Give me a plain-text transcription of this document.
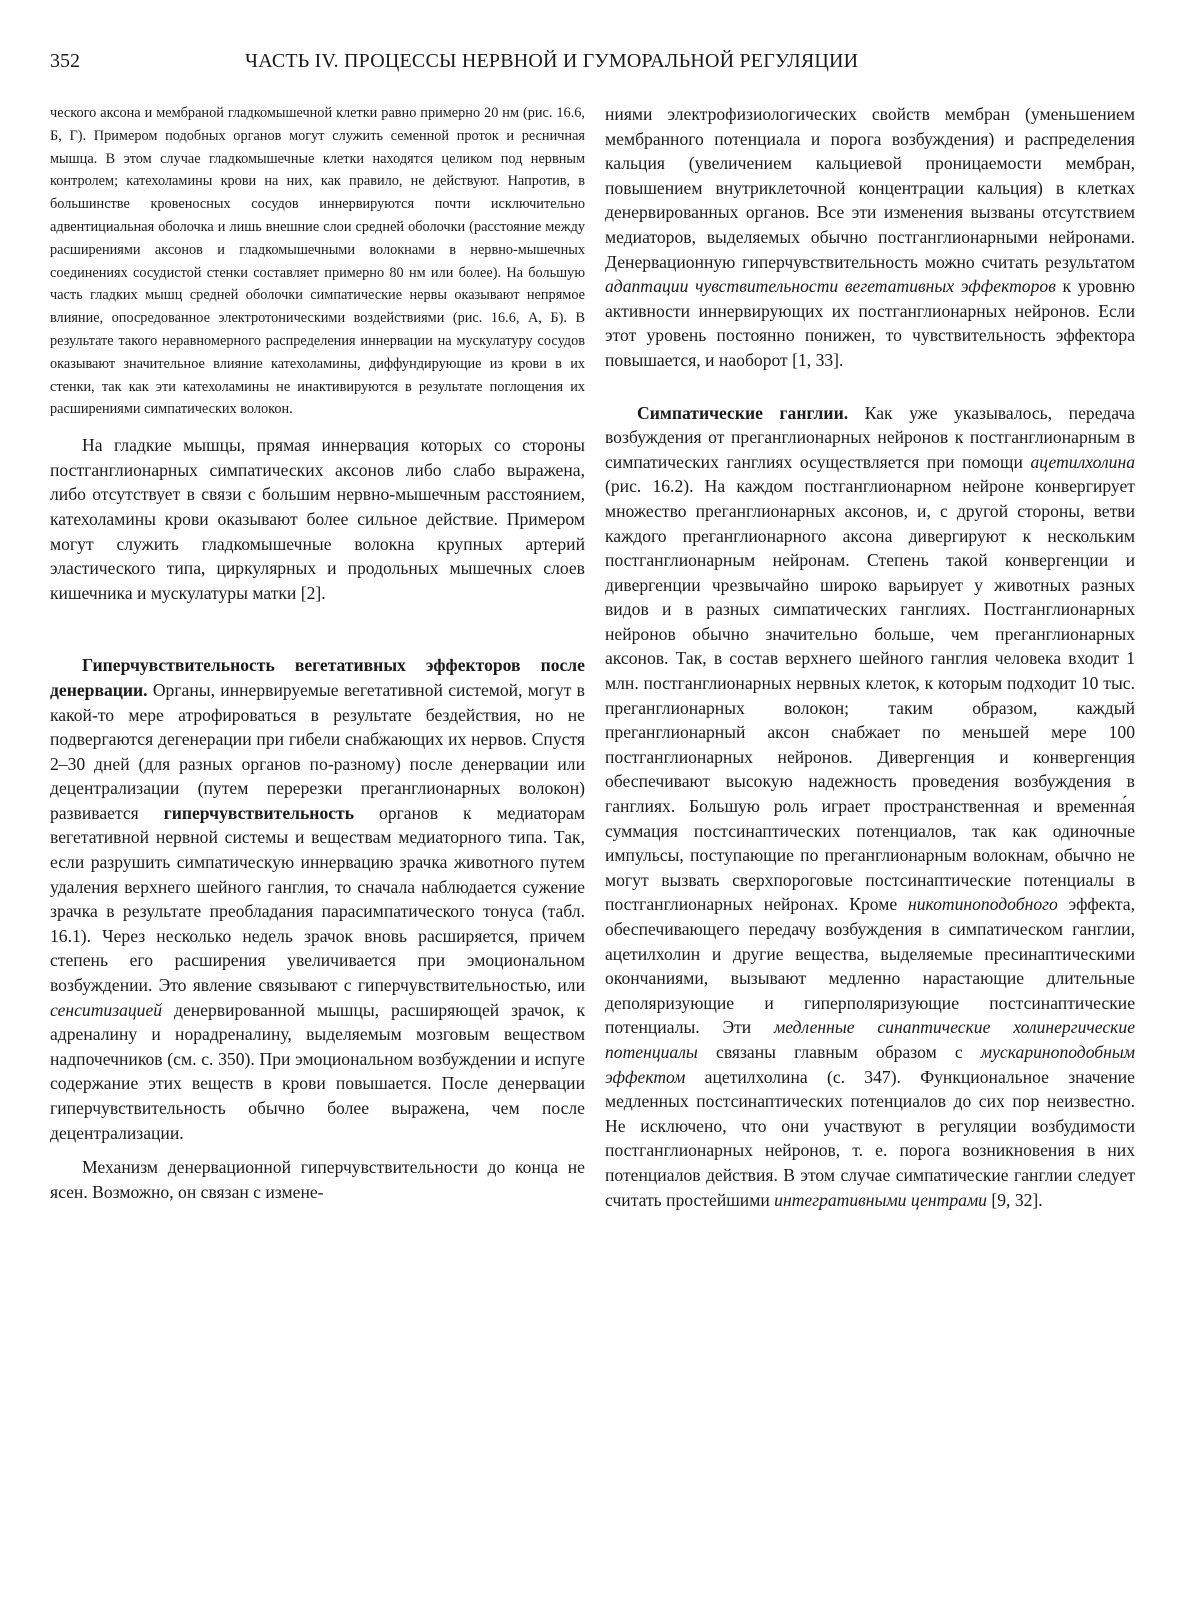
352	ЧАСТЬ IV. ПРОЦЕССЫ НЕРВНОЙ И ГУМОРАЛЬНОЙ РЕГУЛЯЦИИ

ческого аксона и мембраной гладкомышечной клетки равно примерно 20 нм (рис. 16.6, Б, Г). Примером подобных органов могут служить семенной проток и ресничная мышца. В этом случае гладкомышечные клетки находятся целиком под нервным контролем; катехоламины крови на них, как правило, не действуют. Напротив, в большинстве кровеносных сосудов иннервируются почти исключительно адвентициальная оболочка и лишь внешние слои средней оболочки (расстояние между расширениями аксонов и гладкомышечными волокнами в нервно-мышечных соединениях сосудистой стенки составляет примерно 80 нм или более). На большую часть гладких мышц средней оболочки симпатические нервы оказывают непрямое влияние, опосредованное электротоническими воздействиями (рис. 16.6, А, Б). В результате такого неравномерного распределения иннервации на мускулатуру сосудов оказывают значительное влияние катехоламины, диффундирующие из крови в их стенки, так как эти катехоламины не инактивируются в результате поглощения их расширениями симпатических волокон.

На гладкие мышцы, прямая иннервация которых со стороны постганглионарных симпатических аксонов либо слабо выражена, либо отсутствует в связи с большим нервно-мышечным расстоянием, катехоламины крови оказывают более сильное действие. Примером могут служить гладкомышечные волокна крупных артерий эластического типа, циркулярных и продольных мышечных слоев кишечника и мускулатуры матки [2].

Гиперчувствительность вегетативных эффекторов после денервации. Органы, иннервируемые вегетативной системой, могут в какой-то мере атрофироваться в результате бездействия, но не подвергаются дегенерации при гибели снабжающих их нервов. Спустя 2–30 дней (для разных органов по-разному) после денервации или децентрализации (путем перерезки преганглионарных волокон) развивается гиперчувствительность органов к медиаторам вегетативной нервной системы и веществам медиаторного типа. Так, если разрушить симпатическую иннервацию зрачка животного путем удаления верхнего шейного ганглия, то сначала наблюдается сужение зрачка в результате преобладания парасимпатического тонуса (табл. 16.1). Через несколько недель зрачок вновь расширяется, причем степень его расширения увеличивается при эмоциональном возбуждении. Это явление связывают с гиперчувствительностью, или сенситизацией денервированной мышцы, расширяющей зрачок, к адреналину и норадреналину, выделяемым мозговым веществом надпочечников (см. с. 350). При эмоциональном возбуждении и испуге содержание этих веществ в крови повышается. После денервации гиперчувствительность обычно более выражена, чем после децентрализации.

Механизм денервационной гиперчувствительности до конца не ясен. Возможно, он связан с измене-

ниями электрофизиологических свойств мембран (уменьшением мембранного потенциала и порога возбуждения) и распределения кальция (увеличением кальциевой проницаемости мембран, повышением внутриклеточной концентрации кальция) в клетках денервированных органов. Все эти изменения вызваны отсутствием медиаторов, выделяемых обычно постганглионарными нейронами. Денервационную гиперчувствительность можно считать результатом адаптации чувствительности вегетативных эффекторов к уровню активности иннервирующих их постганглионарных нейронов. Если этот уровень постоянно понижен, то чувствительность эффектора повышается, и наоборот [1, 33].

Симпатические ганглии. Как уже указывалось, передача возбуждения от преганглионарных нейронов к постганглионарным в симпатических ганглиях осуществляется при помощи ацетилхолина (рис. 16.2). На каждом постганглионарном нейроне конвергирует множество преганглионарных аксонов, и, с другой стороны, ветви каждого преганглионарного аксона дивергируют к нескольким постганглионарным нейронам. Степень такой конвергенции и дивергенции чрезвычайно широко варьирует у животных разных видов и в разных симпатических ганглиях. Постганглионарных нейронов обычно значительно больше, чем преганглионарных аксонов. Так, в состав верхнего шейного ганглия человека входит 1 млн. постганглионарных нервных клеток, к которым подходит 10 тыс. преганглионарных волокон; таким образом, каждый преганглионарный аксон снабжает по меньшей мере 100 постганглионарных нейронов. Дивергенция и конвергенция обеспечивают высокую надежность проведения возбуждения в ганглиях. Большую роль играет пространственная и временна́я суммация постсинаптических потенциалов, так как одиночные импульсы, поступающие по преганглионарным волокнам, обычно не могут вызвать сверхпороговые постсинаптические потенциалы в постганглионарных нейронах. Кроме никотиноподобного эффекта, обеспечивающего передачу возбуждения в симпатическом ганглии, ацетилхолин и другие вещества, выделяемые пресинаптическими окончаниями, вызывают медленно нарастающие длительные деполяризующие и гиперполяризующие постсинаптические потенциалы. Эти медленные синаптические холинергические потенциалы связаны главным образом с мускариноподобным эффектом ацетилхолина (с. 347). Функциональное значение медленных постсинаптических потенциалов до сих пор неизвестно. Не исключено, что они участвуют в регуляции возбудимости постганглионарных нейронов, т. е. порога возникновения в них потенциалов действия. В этом случае симпатические ганглии следует считать простейшими интегративными центрами [9, 32].
